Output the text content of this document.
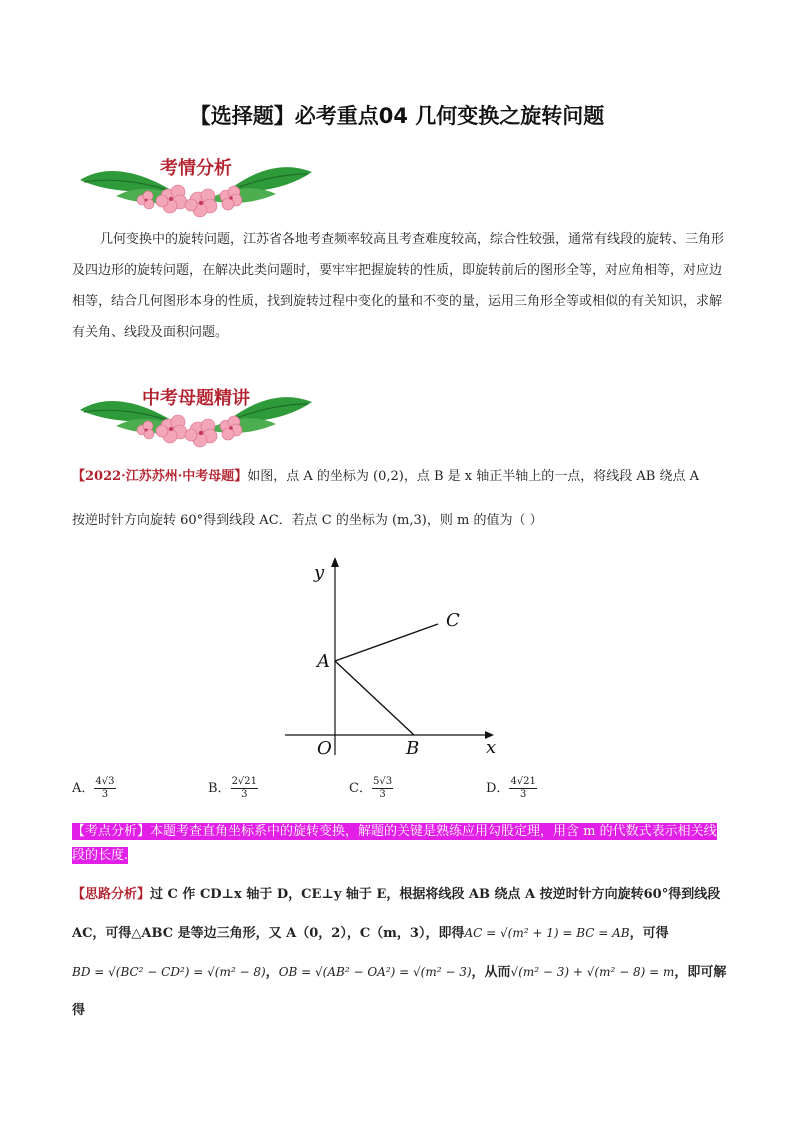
【选择题】必考重点04 几何变换之旋转问题
考情分析

几何变换中的旋转问题，江苏省各地考查频率较高且考查难度较高，综合性较强，通常有线段的旋转、三角形及四边形的旋转问题，在解决此类问题时，要牢牢把握旋转的性质，即旋转前后的图形全等，对应角相等，对应边相等，结合几何图形本身的性质，找到旋转过程中变化的量和不变的量，运用三角形全等或相似的有关知识，求解有关角、线段及面积问题。

中考母题精讲
【2022·江苏苏州·中考母题】如图，点 A 的坐标为 (0,2)，点 B 是 x 轴正半轴上的一点，将线段 AB 绕点 A
按逆时针方向旋转 60°得到线段 AC．若点 C 的坐标为 (m,3)，则 m 的值为（ ）
y
x
O
A
B
C
A． $\frac{4√3}{3}$	B． $\frac{2√21}{3}$	C． $\frac{5√3}{3}$	D． $\frac{4√21}{3}$
【考点分析】本题考查直角坐标系中的旋转变换，解题的关键是熟练应用勾股定理，用含 m 的代数式表示相关线段的长度.
【思路分析】过 C 作 CD⊥x 轴于 D，CE⊥y 轴于 E，根据将线段 AB 绕点 A 按逆时针方向旋转60°得到线段
AC，可得△ABC 是等边三角形，又 A（0，2），C（m，3），即得AC = √(m² + 1) = BC = AB，可得
BD = √(BC² − CD²) = √(m² − 8)，OB = √(AB² − OA²) = √(m² − 3)，从而√(m² − 3) + √(m² − 8) = m，即可解得
